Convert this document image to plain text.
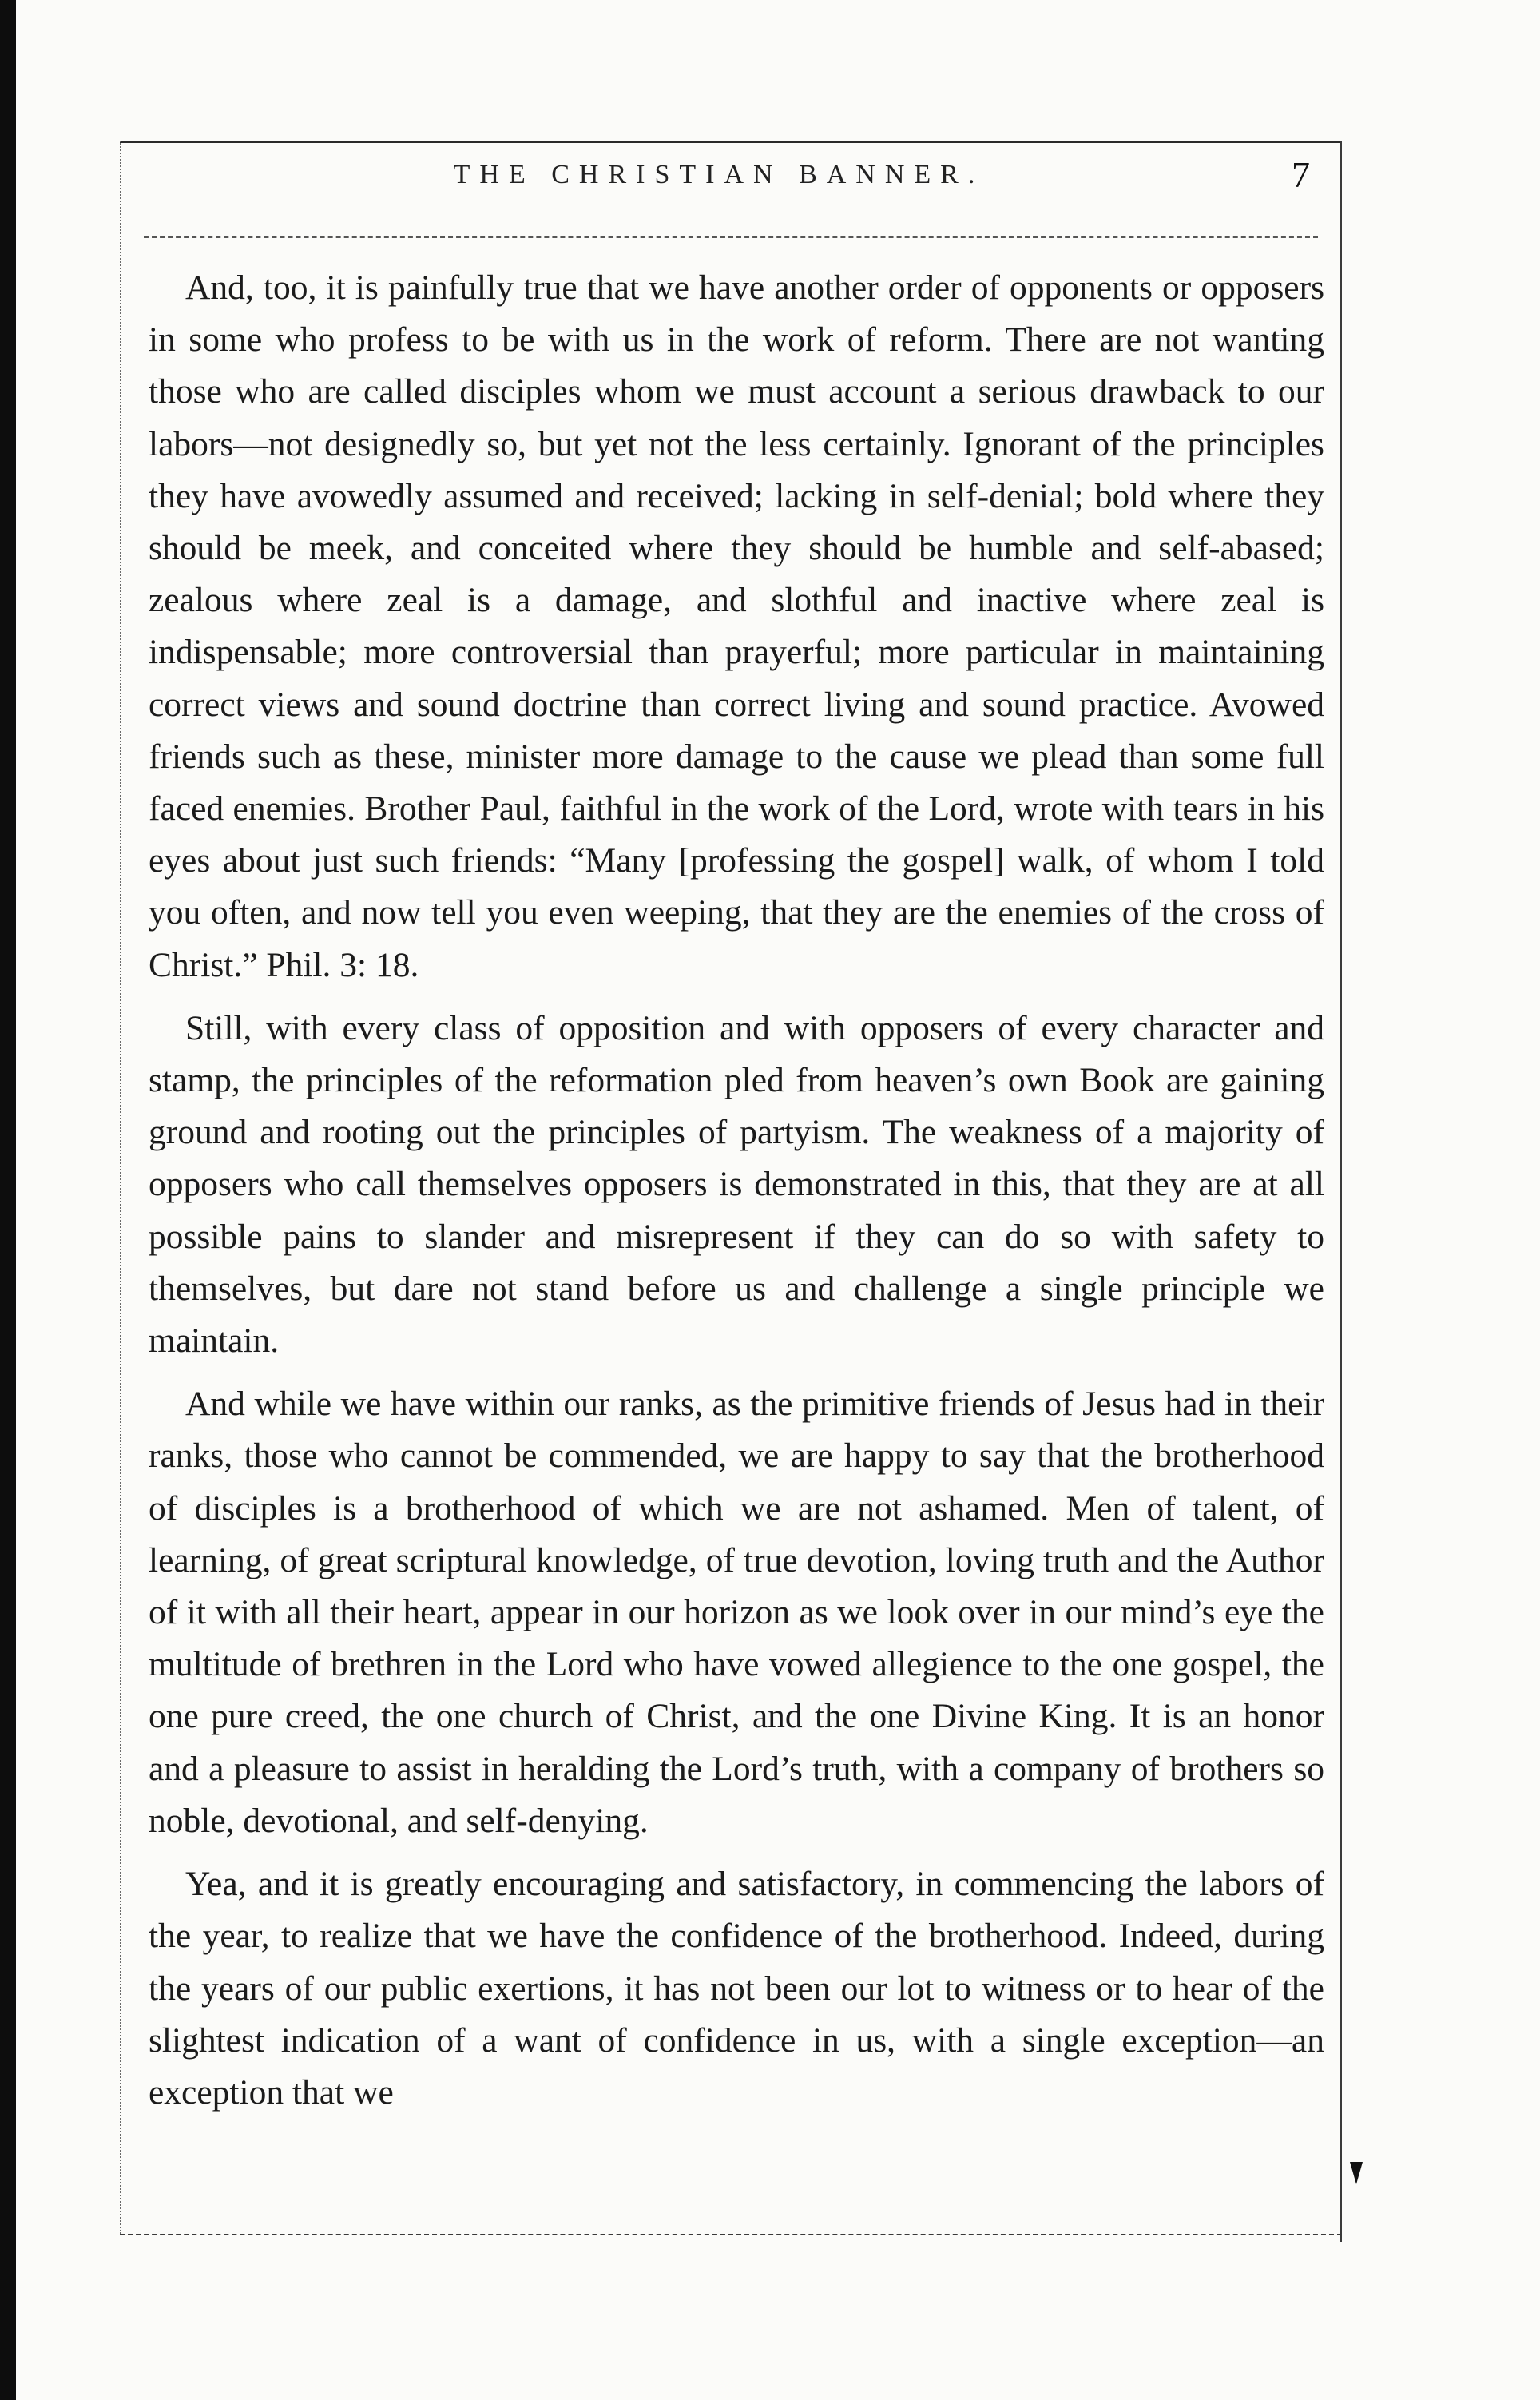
THE CHRISTIAN BANNER.	7

And, too, it is painfully true that we have another order of opponents or opposers in some who profess to be with us in the work of reform. There are not wanting those who are called disciples whom we must account a serious drawback to our labors—not designedly so, but yet not the less certainly. Ignorant of the principles they have avowedly assumed and received; lacking in self-denial; bold where they should be meek, and conceited where they should be humble and self-abased; zealous where zeal is a damage, and slothful and inactive where zeal is indispensable; more controversial than prayerful; more particular in maintaining correct views and sound doctrine than correct living and sound practice. Avowed friends such as these, minister more damage to the cause we plead than some full faced enemies. Brother Paul, faithful in the work of the Lord, wrote with tears in his eyes about just such friends: “Many [professing the gospel] walk, of whom I told you often, and now tell you even weeping, that they are the enemies of the cross of Christ.” Phil. 3: 18.

Still, with every class of opposition and with opposers of every character and stamp, the principles of the reformation pled from heaven’s own Book are gaining ground and rooting out the principles of partyism. The weakness of a majority of opposers who call themselves opposers is demonstrated in this, that they are at all possible pains to slander and misrepresent if they can do so with safety to themselves, but dare not stand before us and challenge a single principle we maintain.

And while we have within our ranks, as the primitive friends of Jesus had in their ranks, those who cannot be commended, we are happy to say that the brotherhood of disciples is a brotherhood of which we are not ashamed. Men of talent, of learning, of great scriptural knowledge, of true devotion, loving truth and the Author of it with all their heart, appear in our horizon as we look over in our mind’s eye the multitude of brethren in the Lord who have vowed allegience to the one gospel, the one pure creed, the one church of Christ, and the one Divine King. It is an honor and a pleasure to assist in heralding the Lord’s truth, with a company of brothers so noble, devotional, and self-denying.

Yea, and it is greatly encouraging and satisfactory, in commencing the labors of the year, to realize that we have the confidence of the brotherhood. Indeed, during the years of our public exertions, it has not been our lot to witness or to hear of the slightest indication of a want of confidence in us, with a single exception—an exception that we
